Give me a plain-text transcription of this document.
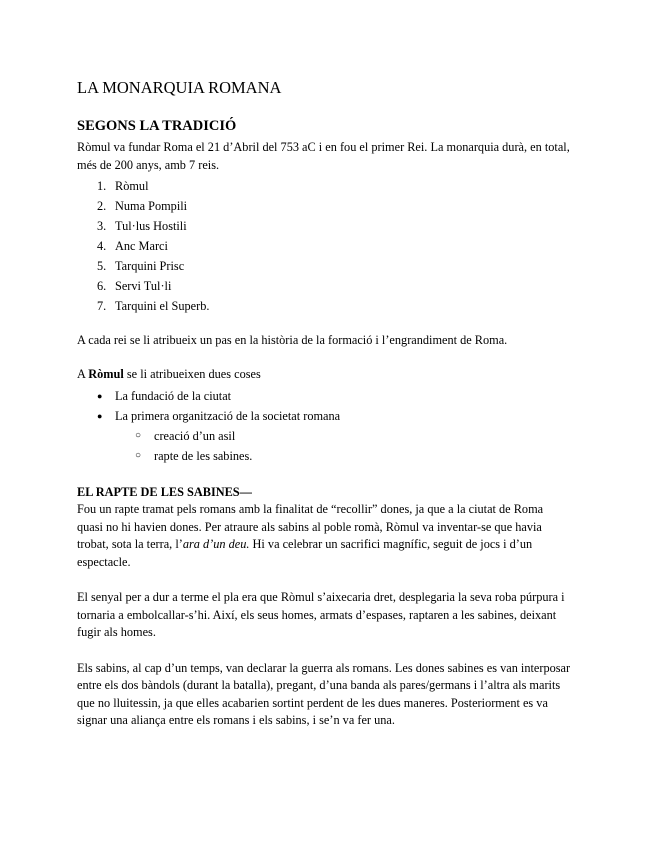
LA MONARQUIA ROMANA
SEGONS LA TRADICIÓ

Ròmul va fundar Roma el 21 d’Abril del 753 aC i en fou el primer Rei. La monarquia durà, en total, més de 200 anys, amb 7 reis.

1. Ròmul
2. Numa Pompili
3. Tul·lus Hostili
4. Anc Marci
5. Tarquini Prisc
6. Servi Tul·li
7. Tarquini el Superb.

A cada rei se li atribueix un pas en la història de la formació i l’engrandiment de Roma.

A Ròmul se li atribueixen dues coses

● La fundació de la ciutat
● La primera organització de la societat romana
○ creació d’un asil
○ rapte de les sabines.
EL RAPTE DE LES SABINES—

Fou un rapte tramat pels romans amb la finalitat de “recollir” dones, ja que a la ciutat de Roma quasi no hi havien dones. Per atraure als sabins al poble romà, Ròmul va inventar-se que havia trobat, sota la terra, l’ara d’un deu. Hi va celebrar un sacrifici magnífic, seguit de jocs i d’un espectacle.

El senyal per a dur a terme el pla era que Ròmul s’aixecaria dret, desplegaria la seva roba púrpura i tornaria a embolcallar-s’hi. Així, els seus homes, armats d’espases, raptaren a les sabines, deixant fugir als homes.

Els sabins, al cap d’un temps, van declarar la guerra als romans. Les dones sabines es van interposar entre els dos bàndols (durant la batalla), pregant, d’una banda als pares/germans i l’altra als marits que no lluitessin, ja que elles acabarien sortint perdent de les dues maneres. Posteriorment es va signar una aliança entre els romans i els sabins, i se’n va fer una.
